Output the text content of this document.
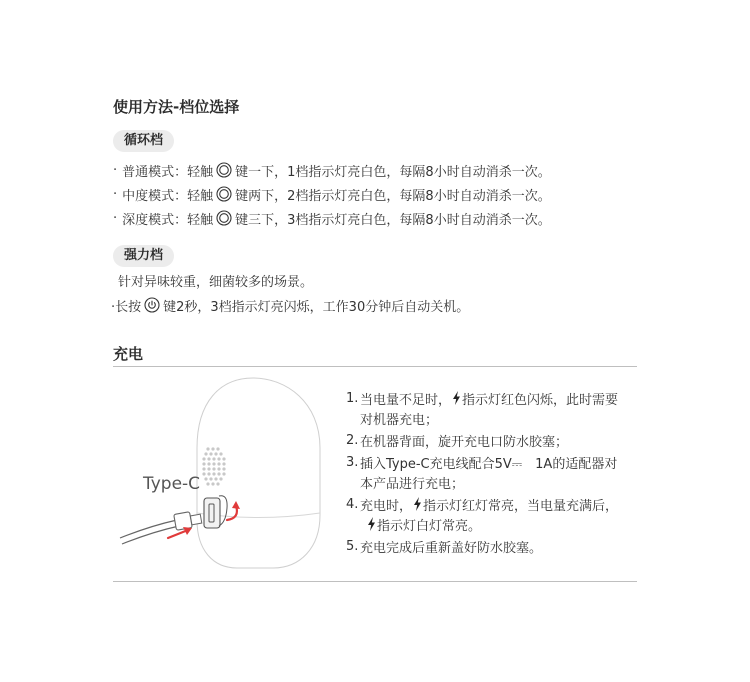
使用方法-档位选择
循环档
· 普通模式：轻触 键一下，1档指示灯亮白色，每隔8小时自动消杀一次。
· 中度模式：轻触 键两下，2档指示灯亮白色，每隔8小时自动消杀一次。
· 深度模式：轻触 键三下，3档指示灯亮白色，每隔8小时自动消杀一次。
强力档
针对异味较重，细菌较多的场景。
·长按 键2秒，3档指示灯亮闪烁，工作30分钟后自动关机。
充电
Type-C
1. 当电量不足时， 指示灯红色闪烁，此时需要
对机器充电；
2. 在机器背面，旋开充电口防水胶塞；
3. 插入Type-C充电线配合5V⎓　1A的适配器对
本产品进行充电；
4. 充电时， 指示灯红灯常亮，当电量充满后，
指示灯白灯常亮。
5. 充电完成后重新盖好防水胶塞。
